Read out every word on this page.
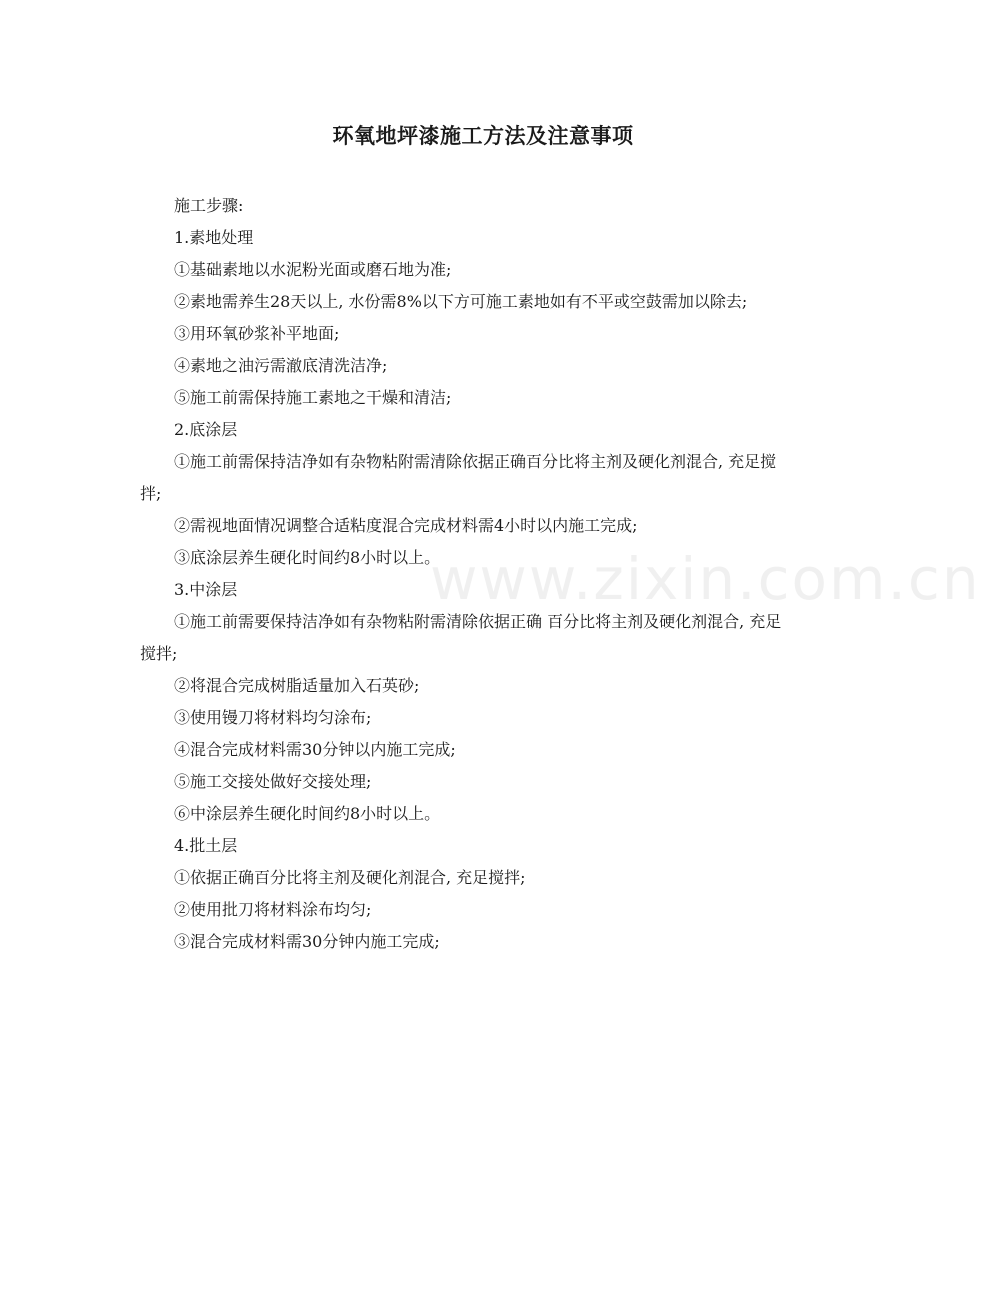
环氧地坪漆施工方法及注意事项

施工步骤:

1.素地处理

①基础素地以水泥粉光面或磨石地为准;

②素地需养生28天以上, 水份需8%以下方可施工素地如有不平或空鼓需加以除去;

③用环氧砂浆补平地面;

④素地之油污需澈底清洗洁净;

⑤施工前需保持施工素地之干燥和清洁;

2.底涂层

①施工前需保持洁净如有杂物粘附需清除依据正确百分比将主剂及硬化剂混合, 充足搅拌;

②需视地面情况调整合适粘度混合完成材料需4小时以内施工完成;

③底涂层养生硬化时间约8小时以上。

3.中涂层

①施工前需要保持洁净如有杂物粘附需清除依据正确 百分比将主剂及硬化剂混合, 充足搅拌;

②将混合完成树脂适量加入石英砂;

③使用镘刀将材料均匀涂布;

④混合完成材料需30分钟以内施工完成;

⑤施工交接处做好交接处理;

⑥中涂层养生硬化时间约8小时以上。

4.批土层

①依据正确百分比将主剂及硬化剂混合, 充足搅拌;

②使用批刀将材料涂布均匀;

③混合完成材料需30分钟内施工完成;

www.zixin.com.cn
